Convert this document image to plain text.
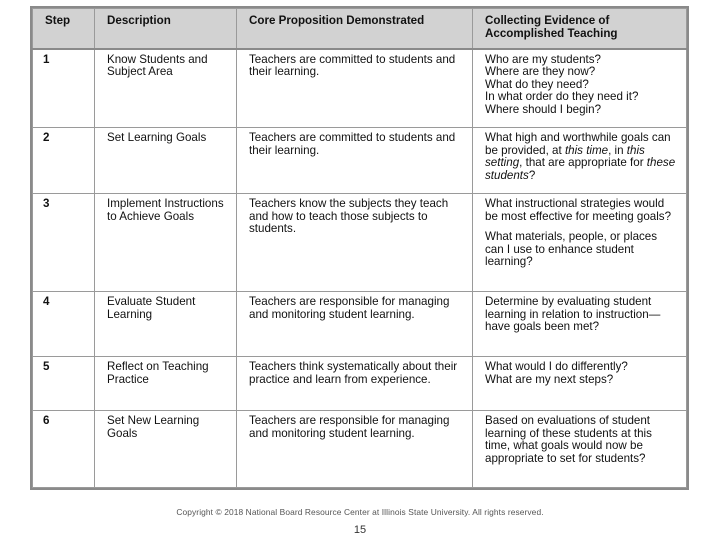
Step	Description	Core Proposition Demonstrated	Collecting Evidence of Accomplished Teaching
1	Know Students and Subject Area	Teachers are committed to students and their learning.	Who are my students?
Where are they now?
What do they need?
In what order do they need it?
Where should I begin?

2	Set Learning Goals	Teachers are committed to students and their learning.	What high and worthwhile goals can be provided, at this time, in this setting, that are appropriate for these students?
3	Implement Instructions to Achieve Goals	Teachers know the subjects they teach and how to teach those subjects to students.	What instructional strategies would be most effective for meeting goals?
What materials, people, or places can I use to enhance student learning?

4	Evaluate Student Learning	Teachers are responsible for managing and monitoring student learning.	Determine by evaluating student learning in relation to instruction—have goals been met?
5	Reflect on Teaching Practice	Teachers think systematically about their practice and learn from experience.	What would I do differently?
What are my next steps?

6	Set New Learning Goals	Teachers are responsible for managing and monitoring student learning.	Based on evaluations of student learning of these students at this time, what goals would now be appropriate to set for students?
Copyright © 2018 National Board Resource Center at Illinois State University. All rights reserved.
15
